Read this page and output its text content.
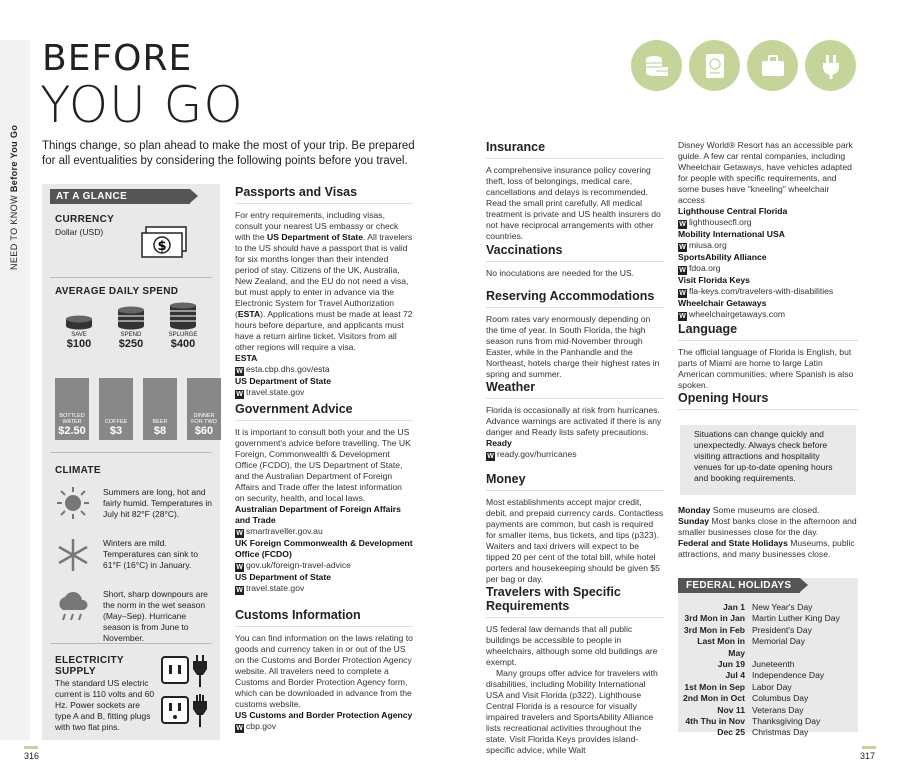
NEED TO KNOW Before You Go
BEFORE
YOU GO
Things change, so plan ahead to make the most of your trip. Be prepared for all eventualities by considering the following points before you travel.
AT A GLANCE
CURRENCY
Dollar (USD)
$
AVERAGE DAILY SPEND
SAVE
$100
SPEND
$250
SPLURGE
$400
BOTTLED WATER
$2.50
COFFEE
$3
BEER
$8
DINNER FOR TWO
$60
CLIMATE
Summers are long, hot and fairly humid. Temperatures in July hit 82°F (28°C).
Winters are mild. Temperatures can sink to 61°F (16°C) in January.
Short, sharp downpours are the norm in the wet season (May–Sep). Hurricane season is from June to November.
ELECTRICITY SUPPLY
The standard US electric current is 110 volts and 60 Hz. Power sockets are type A and B, fitting plugs with two flat pins.
Passports and Visas
For entry requirements, including visas, consult your nearest US embassy or check with the US Department of State. All travelers to the US should have a passport that is valid for six months longer than their intended period of stay. Citizens of the UK, Australia, New Zealand, and the EU do not need a visa, but must apply to enter in advance via the Electronic System for Travel Authorization (ESTA). Applications must be made at least 72 hours before departure, and applicants must have a return airline ticket. Visitors from all other regions will require a visa.
ESTA
W esta.cbp.dhs.gov/esta
US Department of State
W travel.state.gov
Government Advice
It is important to consult both your and the US government's advice before travelling. The UK Foreign, Commonwealth & Development Office (FCDO), the US Department of State, and the Australian Department of Foreign Affairs and Trade offer the latest information on security, health, and local laws.
Australian Department of Foreign Affairs and Trade
W smartraveller.gov.au
UK Foreign Commonwealth & Development Office (FCDO)
W gov.uk/foreign-travel-advice
US Department of State
W travel.state.gov
Customs Information
You can find information on the laws relating to goods and currency taken in or out of the US on the Customs and Border Protection Agency website. All travelers need to complete a Customs and Border Protection Agency form, which can be downloaded in advance from the customs website.
US Customs and Border Protection Agency
W cbp.gov
316
Insurance
A comprehensive insurance policy covering theft, loss of belongings, medical care, cancellations and delays is recommended. Read the small print carefully. All medical treatment is private and US health insurers do not have reciprocal arrangements with other countries.
Vaccinations
No inoculations are needed for the US.
Reserving Accommodations
Room rates vary enormously depending on the time of year. In South Florida, the high season runs from mid-November through Easter, while in the Panhandle and the Northeast, hotels charge their highest rates in spring and summer.
Weather
Florida is occasionally at risk from hurricanes. Advance warnings are activated if there is any danger and Ready lists safety precautions.
Ready
W ready.gov/hurricanes
Money
Most establishments accept major credit, debit, and prepaid currency cards. Contactless payments are common, but cash is required for smaller items, bus tickets, and tips (p323). Waiters and taxi drivers will expect to be tipped 20 per cent of the total bill, while hotel porters and housekeeping should be given $5 per bag or day.
Travelers with Specific Requirements
US federal law demands that all public buildings be accessible to people in wheelchairs, although some old buildings are exempt.
Many groups offer advice for travelers with disabilities, including Mobility International USA and Visit Florida (p322). Lighthouse Central Florida is a resource for visually impaired travelers and SportsAbility Alliance lists recreational activities throughout the state. Visit Florida Keys provides island-specific advice, while Walt
Disney World® Resort has an accessible park guide. A few car rental companies, including Wheelchair Getaways, have vehicles adapted for people with specific requirements, and some buses have "kneeling" wheelchair access
Lighthouse Central Florida
W lighthousecfl.org
Mobility International USA
W miusa.org
SportsAbility Alliance
W fdoa.org
Visit Florida Keys
W fla-keys.com/travelers-with-disabilities
Wheelchair Getaways
W wheelchairgetaways.com
Language
The official language of Florida is English, but parts of Miami are home to large Latin American communities, where Spanish is also spoken.
Opening Hours
Situations can change quickly and unexpectedly. Always check before visiting attractions and hospitality venues for up-to-date opening hours and booking requirements.
Monday Some museums are closed.
Sunday Most banks close in the afternoon and smaller businesses close for the day.
Federal and State Holidays Museums, public attractions, and many businesses close.
FEDERAL HOLIDAYS
Jan 1 New Year's Day
3rd Mon in Jan Martin Luther King Day
3rd Mon in Feb President's Day
Last Mon in May
Memorial Day
Jun 19 Juneteenth
Jul 4 Independence Day
1st Mon in Sep Labor Day
2nd Mon in Oct Columbus Day
Nov 11 Veterans Day
4th Thu in Nov Thanksgiving Day
Dec 25 Christmas Day
317
